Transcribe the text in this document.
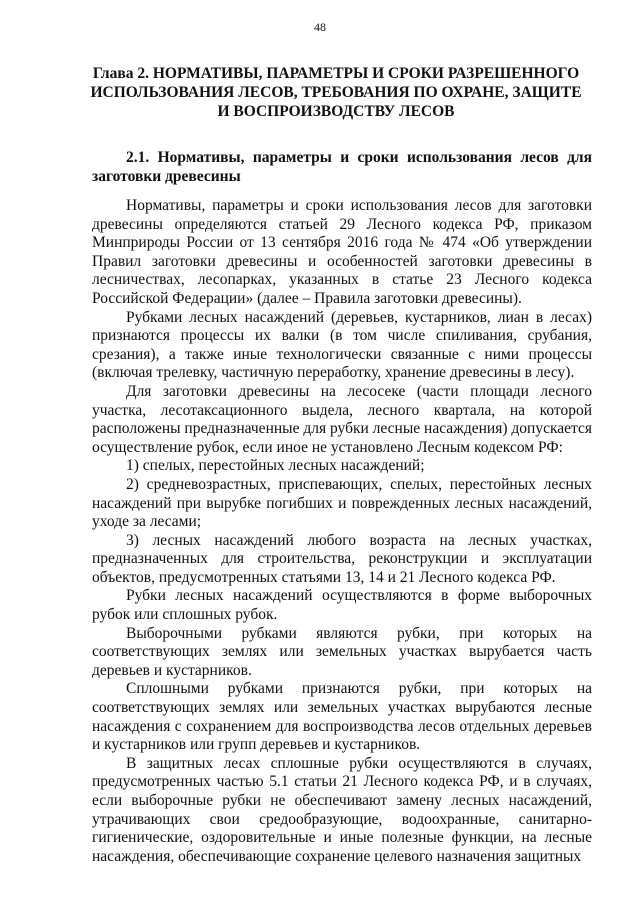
48
Глава 2. НОРМАТИВЫ, ПАРАМЕТРЫ И СРОКИ РАЗРЕШЕННОГО ИСПОЛЬЗОВАНИЯ ЛЕСОВ, ТРЕБОВАНИЯ ПО ОХРАНЕ, ЗАЩИТЕ И ВОСПРОИЗВОДСТВУ ЛЕСОВ
2.1. Нормативы, параметры и сроки использования лесов для заготовки древесины

Нормативы, параметры и сроки использования лесов для заготовки древесины определяются статьей 29 Лесного кодекса РФ, приказом Минприроды России от 13 сентября 2016 года № 474 «Об утверждении Правил заготовки древесины и особенностей заготовки древесины в лесничествах, лесопарках, указанных в статье 23 Лесного кодекса Российской Федерации» (далее – Правила заготовки древесины).

Рубками лесных насаждений (деревьев, кустарников, лиан в лесах) признаются процессы их валки (в том числе спиливания, срубания, срезания), а также иные технологически связанные с ними процессы (включая трелевку, частичную переработку, хранение древесины в лесу).

Для заготовки древесины на лесосеке (части площади лесного участка, лесотаксационного выдела, лесного квартала, на которой расположены предназначенные для рубки лесные насаждения) допускается осуществление рубок, если иное не установлено Лесным кодексом РФ:

1) спелых, перестойных лесных насаждений;

2) средневозрастных, приспевающих, спелых, перестойных лесных насаждений при вырубке погибших и поврежденных лесных насаждений, уходе за лесами;

3) лесных насаждений любого возраста на лесных участках, предназначенных для строительства, реконструкции и эксплуатации объектов, предусмотренных статьями 13, 14 и 21 Лесного кодекса РФ.

Рубки лесных насаждений осуществляются в форме выборочных рубок или сплошных рубок.

Выборочными рубками являются рубки, при которых на соответствующих землях или земельных участках вырубается часть деревьев и кустарников.

Сплошными рубками признаются рубки, при которых на соответствующих землях или земельных участках вырубаются лесные насаждения с сохранением для воспроизводства лесов отдельных деревьев и кустарников или групп деревьев и кустарников.

В защитных лесах сплошные рубки осуществляются в случаях, предусмотренных частью 5.1 статьи 21 Лесного кодекса РФ, и в случаях, если выборочные рубки не обеспечивают замену лесных насаждений, утрачивающих свои средообразующие, водоохранные, санитарно-гигиенические, оздоровительные и иные полезные функции, на лесные насаждения, обеспечивающие сохранение целевого назначения защитных
